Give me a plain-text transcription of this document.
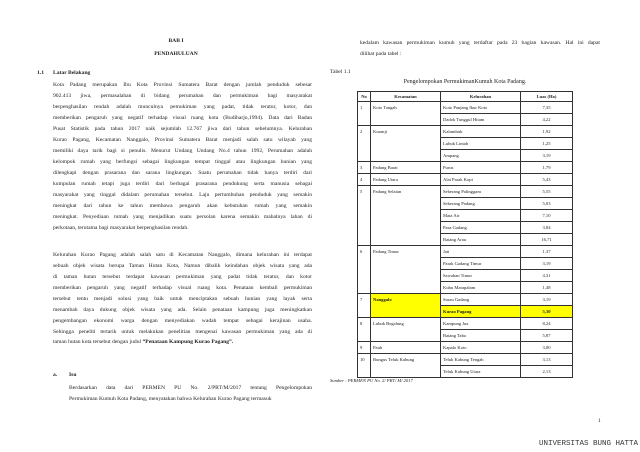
BAB I
PENDAHULUAN
1.1 Latar Belakang
Kota Padang merupakan Ibu Kota Provinsi Sumatera Barat dengan jumlah penduduk sebesar
902.413 jiwa, permasalahan di bidang perumahan dan permukiman bagi masyarakat
berpenghasilan rendah adalah munculnya pemukiman yang padat, tidak teratur, kotor, dan
memberikan pengaruh yang negatif terhadap visual ruang kota (Budiharjo,1994). Data dari Badan
Pusat Statistik pada tahun 2017 naik sejumlah 12.767 jiwa dari tahun sebelumnya. Kelurahan
Kurao Pagang, Kecamatan Nanggalo, Provinsi Sumatera Barat menjadi salah satu wilayah yang
memiliki daya tarik bagi si penulis. Menurut Undang Undang No.4 tahun 1992, Perumahan adalah
kelompok rumah yang berfungsi sebagai lingkungan tempat tinggal atau lingkungan hunian yang
dilengkapi dengan prasarana dan sarana lingkungan. Suatu perumahan tidak hanya terdiri dari
kumpulan rumah tetapi juga terdiri dari berbagai prasarana pendukung serta manusia sebagai
masyarakat yang tinggal didalam perumahan tersebut. Laju pertumbuhan penduduk yang semakin
meningkat dari tahun ke tahun membawa pengaruh akan kebutuhan rumah yang semakin
meningkat. Penyediaan rumah yang menjadikan suatu persolan karena semakin mahalnya lahan di
perkotaan, terutama bagi masyarakat berpenghasilan rendah.
Kelurahan Kurao Pagang adalah salah satu di Kecamatan Nanggalo, dimana kelurahan ini terdapat
sebuah objek wisata berupa Taman Hutan Kota, Namun dibalik keindahan objek wisata yang ada
di taman hutan tersebut terdapat kawasan permukiman yang padat tidak teratur, dan kotor
memberikan pengaruh yang negatif terhadap visual ruang kota. Penataan kembali permukiman
tersebut tentu menjadi solusi yang baik untuk menciptakan sebuah hunian yang layak serta
menambah daya dukung objek wisata yang ada. Selain penataan kampung juga meningkatkan
pengembangan ekonomi warga dengan menyediakan wadah tempat sebagai kerajinan usaha.
Sehingga peneliti tertarik untuk melakukan penelitian mengenai kawasan permukiman yang ada di
taman hutan kota tersebut dengan judul “Penataan Kampung Kurao Pagang”.
a. Isu
Berdasarkan data dari PERMEN PU No. 2/PRT/M/2017 tentang Pengelompokan
Permukiman Kumuh Kota Padang, menyatakan bahwa Kelurahan Kurao Pagang termasuk
kedalam kawasan permukiman kumuh yang terdaftar pada 23 bagian kawasan. Hal ini dapat
dilihat pada tabel :
Tabel 1.1
Pengelompokan PermukimanKumuh Kota Padang.
No	Kecamatan	Kelurahan	Luas (Ha)
1	Koto Tangah	Koto Panjang Ikur Koto	7,35
		Dadok Tunggul Hitam	4,22
2	Kuranji	Kalumbuk	1,92
		Lubuk Lintah	1,25
		Ampang	3,19
3	Padang Barat	Purus	1,79
4	Padang Utara	Alai Parak Kopi	5,43
5	Padang Selatan	Seberang Palinggam	5,55
		Seberang Padang	5,03
		Mata Air	7,10
		Pasa Gadang	3,84
		Batang Arau	16,71
6	Padang Timur	Jati	1,37
		Parak Gadang Timur	3,19
		Sawahan Timur	4,31
		Kubu Marapalam	1,48
7	Nanggalo	Surau Gadang	3,19
		Kurao Pagang	5,30
8	Lubuk Begalung	Kampung Jua	8,24
		Batang Taba	5,87
9	Pauh	Kapalo Koto	3,00
10	Bungus Teluk Kabung	Teluk Kabung Tengah	3,13
		Teluk Kabung Utara	2,13
Sumber : PERMEN PU No. 2/ PRT/ M/ 2017
1
UNIVERSITAS BUNG HATTA
